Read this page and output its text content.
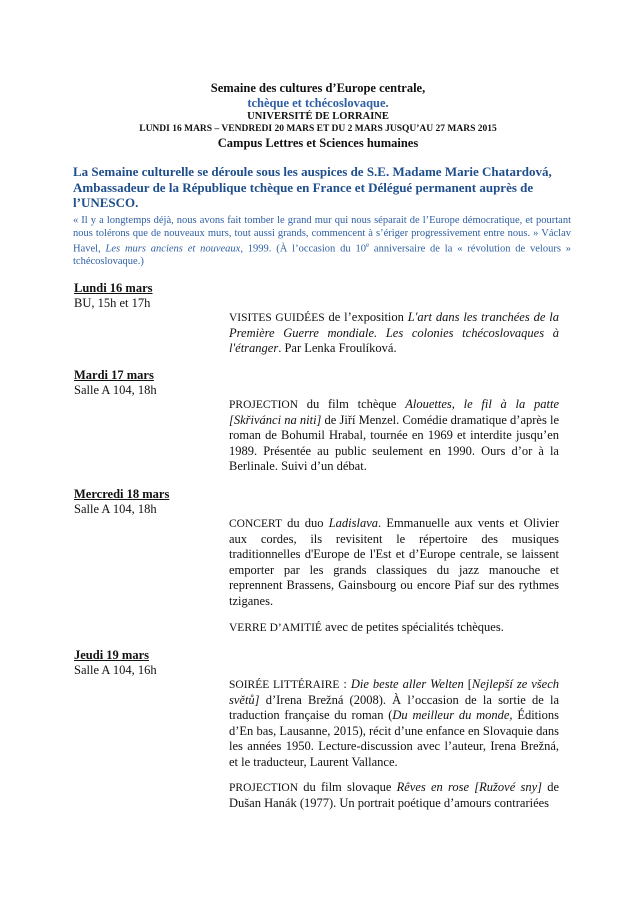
Semaine des cultures d’Europe centrale,
tchèque et tchécoslovaque.
UNIVERSITÉ DE LORRAINE
LUNDI 16 MARS – VENDREDI 20 MARS ET DU 2 MARS JUSQU’AU 27 MARS 2015
Campus Lettres et Sciences humaines
La Semaine culturelle se déroule sous les auspices de S.E. Madame Marie Chatardová, Ambassadeur de la République tchèque en France et Délégué permanent auprès de l’UNESCO.
« Il y a longtemps déjà, nous avons fait tomber le grand mur qui nous séparait de l’Europe démocratique, et pourtant nous tolérons que de nouveaux murs, tout aussi grands, commencent à s’ériger progressivement entre nous. » Václav Havel, Les murs anciens et nouveaux, 1999. (À l’occasion du 10e anniversaire de la « révolution de velours » tchécoslovaque.)
Lundi 16 mars
BU, 15h et 17h
VISITES GUIDÉES de l’exposition L'art dans les tranchées de la Première Guerre mondiale. Les colonies tchécoslovaques à l'étranger. Par Lenka Froulíková.
Mardi 17 mars
Salle A 104, 18h
PROJECTION du film tchèque Alouettes, le fil à la patte [Skřivánci na niti] de Jiří Menzel. Comédie dramatique d’après le roman de Bohumil Hrabal, tournée en 1969 et interdite jusqu’en 1989. Présentée au public seulement en 1990. Ours d’or à la Berlinale. Suivi d’un débat.
Mercredi 18 mars
Salle A 104, 18h
CONCERT du duo Ladislava. Emmanuelle aux vents et Olivier aux cordes, ils revisitent le répertoire des musiques traditionnelles d'Europe de l'Est et d’Europe centrale, se laissent emporter par les grands classiques du jazz manouche et reprennent Brassens, Gainsbourg ou encore Piaf sur des rythmes tziganes.
VERRE D’AMITIÉ avec de petites spécialités tchèques.
Jeudi 19 mars
Salle A 104, 16h
SOIRÉE LITTÉRAIRE : Die beste aller Welten [Nejlepší ze všech světů] d’Irena Brežná (2008). À l’occasion de la sortie de la traduction française du roman (Du meilleur du monde, Éditions d’En bas, Lausanne, 2015), récit d’une enfance en Slovaquie dans les années 1950. Lecture-discussion avec l’auteur, Irena Brežná, et le traducteur, Laurent Vallance.
PROJECTION du film slovaque Rêves en rose [Ružové sny] de Dušan Hanák (1977). Un portrait poétique d’amours contrariées
